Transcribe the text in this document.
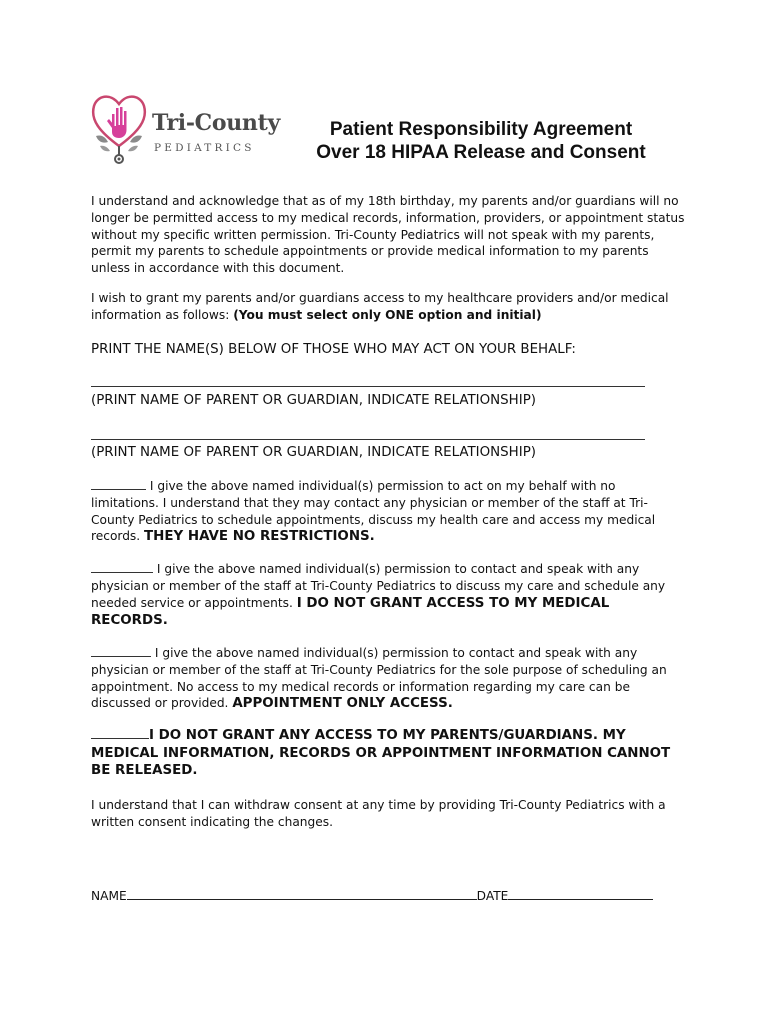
Tri-County
PEDIATRICS
Patient Responsibility Agreement
Over 18 HIPAA Release and Consent
I understand and acknowledge that as of my 18th birthday, my parents and/or guardians will no longer be permitted access to my medical records, information, providers, or appointment status without my specific written permission. Tri-County Pediatrics will not speak with my parents, permit my parents to schedule appointments or provide medical information to my parents unless in accordance with this document.
I wish to grant my parents and/or guardians access to my healthcare providers and/or medical information as follows: (You must select only ONE option and initial)
PRINT THE NAME(S) BELOW OF THOSE WHO MAY ACT ON YOUR BEHALF:
(PRINT NAME OF PARENT OR GUARDIAN, INDICATE RELATIONSHIP)
(PRINT NAME OF PARENT OR GUARDIAN, INDICATE RELATIONSHIP)
I give the above named individual(s) permission to act on my behalf with no limitations. I understand that they may contact any physician or member of the staff at Tri-County Pediatrics to schedule appointments, discuss my health care and access my medical records. THEY HAVE NO RESTRICTIONS.
I give the above named individual(s) permission to contact and speak with any physician or member of the staff at Tri-County Pediatrics to discuss my care and schedule any needed service or appointments. I DO NOT GRANT ACCESS TO MY MEDICAL RECORDS.
I give the above named individual(s) permission to contact and speak with any physician or member of the staff at Tri-County Pediatrics for the sole purpose of scheduling an appointment. No access to my medical records or information regarding my care can be discussed or provided. APPOINTMENT ONLY ACCESS.
I DO NOT GRANT ANY ACCESS TO MY PARENTS/GUARDIANS. MY MEDICAL INFORMATION, RECORDS OR APPOINTMENT INFORMATION CANNOT BE RELEASED.
I understand that I can withdraw consent at any time by providing Tri-County Pediatrics with a written consent indicating the changes.
NAME	DATE
